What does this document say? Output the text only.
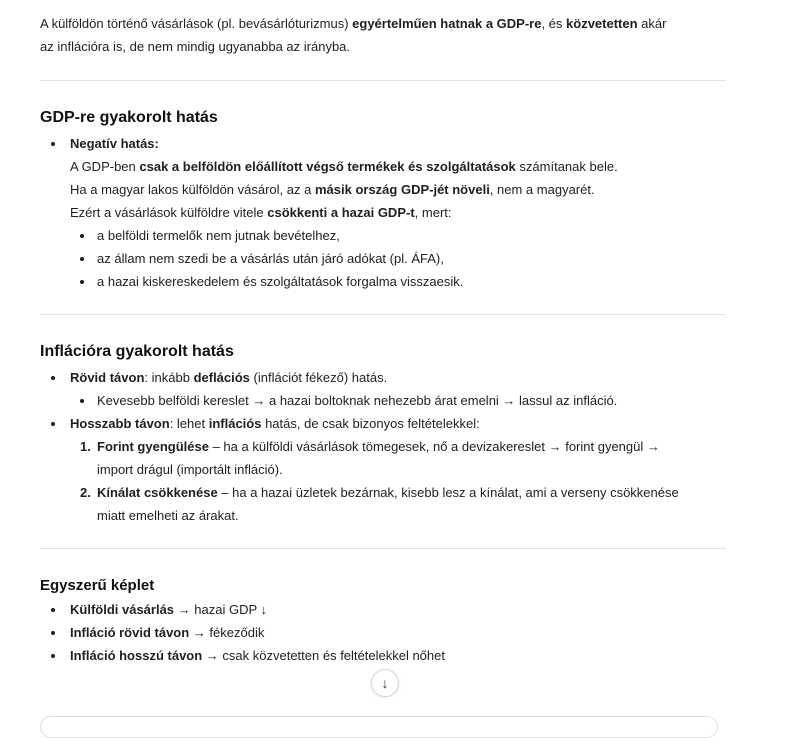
A külföldön történő vásárlások (pl. bevásárlóturizmus) egyértelműen hatnak a GDP-re, és közvetetten akár
az inflációra is, de nem mindig ugyanabba az irányba.

GDP-re gyakorolt hatás
Negatív hatás:
A GDP-ben csak a belföldön előállított végső termékek és szolgáltatások számítanak bele.
Ha a magyar lakos külföldön vásárol, az a másik ország GDP-jét növeli, nem a magyarét.
Ezért a vásárlások külföldre vitele csökkenti a hazai GDP-t, mert:
a belföldi termelők nem jutnak bevételhez,
az állam nem szedi be a vásárlás után járó adókat (pl. ÁFA),
a hazai kiskereskedelem és szolgáltatások forgalma visszaesik.
Inflációra gyakorolt hatás
Rövid távon: inkább deflációs (inflációt fékező) hatás.
Kevesebb belföldi kereslet → a hazai boltoknak nehezebb árat emelni → lassul az infláció.
Hosszabb távon: lehet inflációs hatás, de csak bizonyos feltételekkel:
1. Forint gyengülése – ha a külföldi vásárlások tömegesek, nő a devizakereslet → forint gyengül →
import drágul (importált infláció).
2. Kínálat csökkenése – ha a hazai üzletek bezárnak, kisebb lesz a kínálat, ami a verseny csökkenése
miatt emelheti az árakat.
Egyszerű képlet
Külföldi vásárlás → hazai GDP ↓
Infláció rövid távon → fékeződik
Infláció hosszú távon → csak közvetetten és feltételekkel nőhet
↓
